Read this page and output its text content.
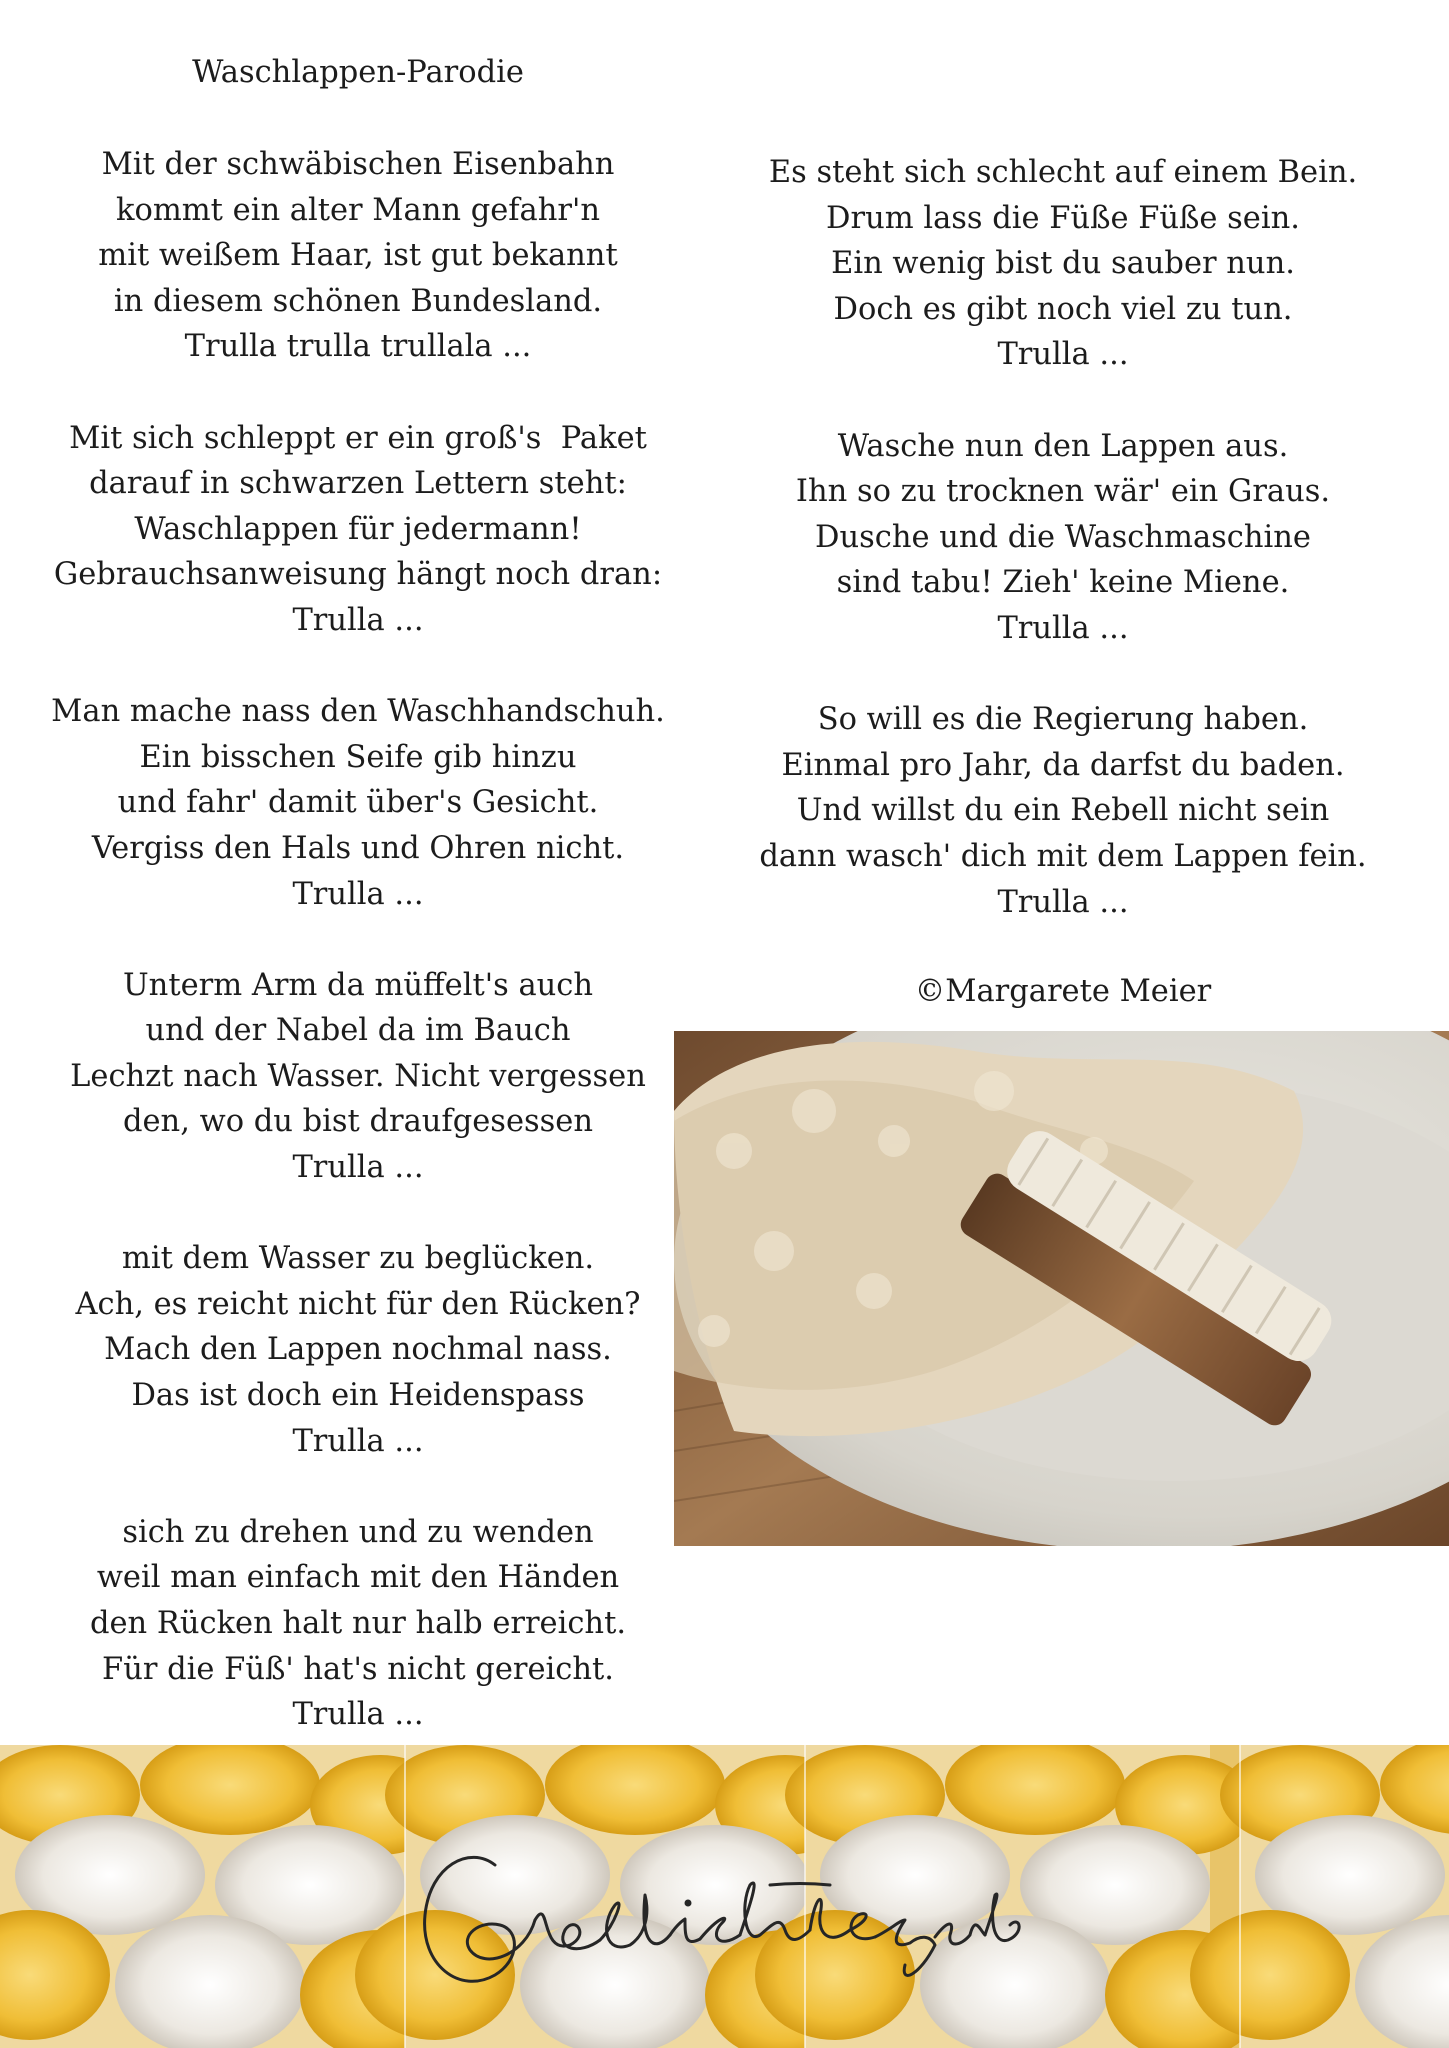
Waschlappen-Parodie
Mit der schwäbischen Eisenbahn
kommt ein alter Mann gefahr'n
mit weißem Haar, ist gut bekannt
in diesem schönen Bundesland.
Trulla trulla trullala ...
Mit sich schleppt er ein groß's  Paket
darauf in schwarzen Lettern steht:
Waschlappen für jedermann!
Gebrauchsanweisung hängt noch dran:
Trulla ...
Man mache nass den Waschhandschuh.
Ein bisschen Seife gib hinzu
und fahr' damit über's Gesicht.
Vergiss den Hals und Ohren nicht.
Trulla ...
Unterm Arm da müffelt's auch
und der Nabel da im Bauch
Lechzt nach Wasser. Nicht vergessen
den, wo du bist draufgesessen
Trulla ...
mit dem Wasser zu beglücken.
Ach, es reicht nicht für den Rücken?
Mach den Lappen nochmal nass.
Das ist doch ein Heidenspass
Trulla ...
sich zu drehen und zu wenden
weil man einfach mit den Händen
den Rücken halt nur halb erreicht.
Für die Füß' hat's nicht gereicht.
Trulla ...
Es steht sich schlecht auf einem Bein.
Drum lass die Füße Füße sein.
Ein wenig bist du sauber nun.
Doch es gibt noch viel zu tun.
Trulla ...
Wasche nun den Lappen aus.
Ihn so zu trocknen wär' ein Graus.
Dusche und die Waschmaschine
sind tabu! Zieh' keine Miene.
Trulla ...
So will es die Regierung haben.
Einmal pro Jahr, da darfst du baden.
Und willst du ein Rebell nicht sein
dann wasch' dich mit dem Lappen fein.
Trulla ...
©Margarete Meier
